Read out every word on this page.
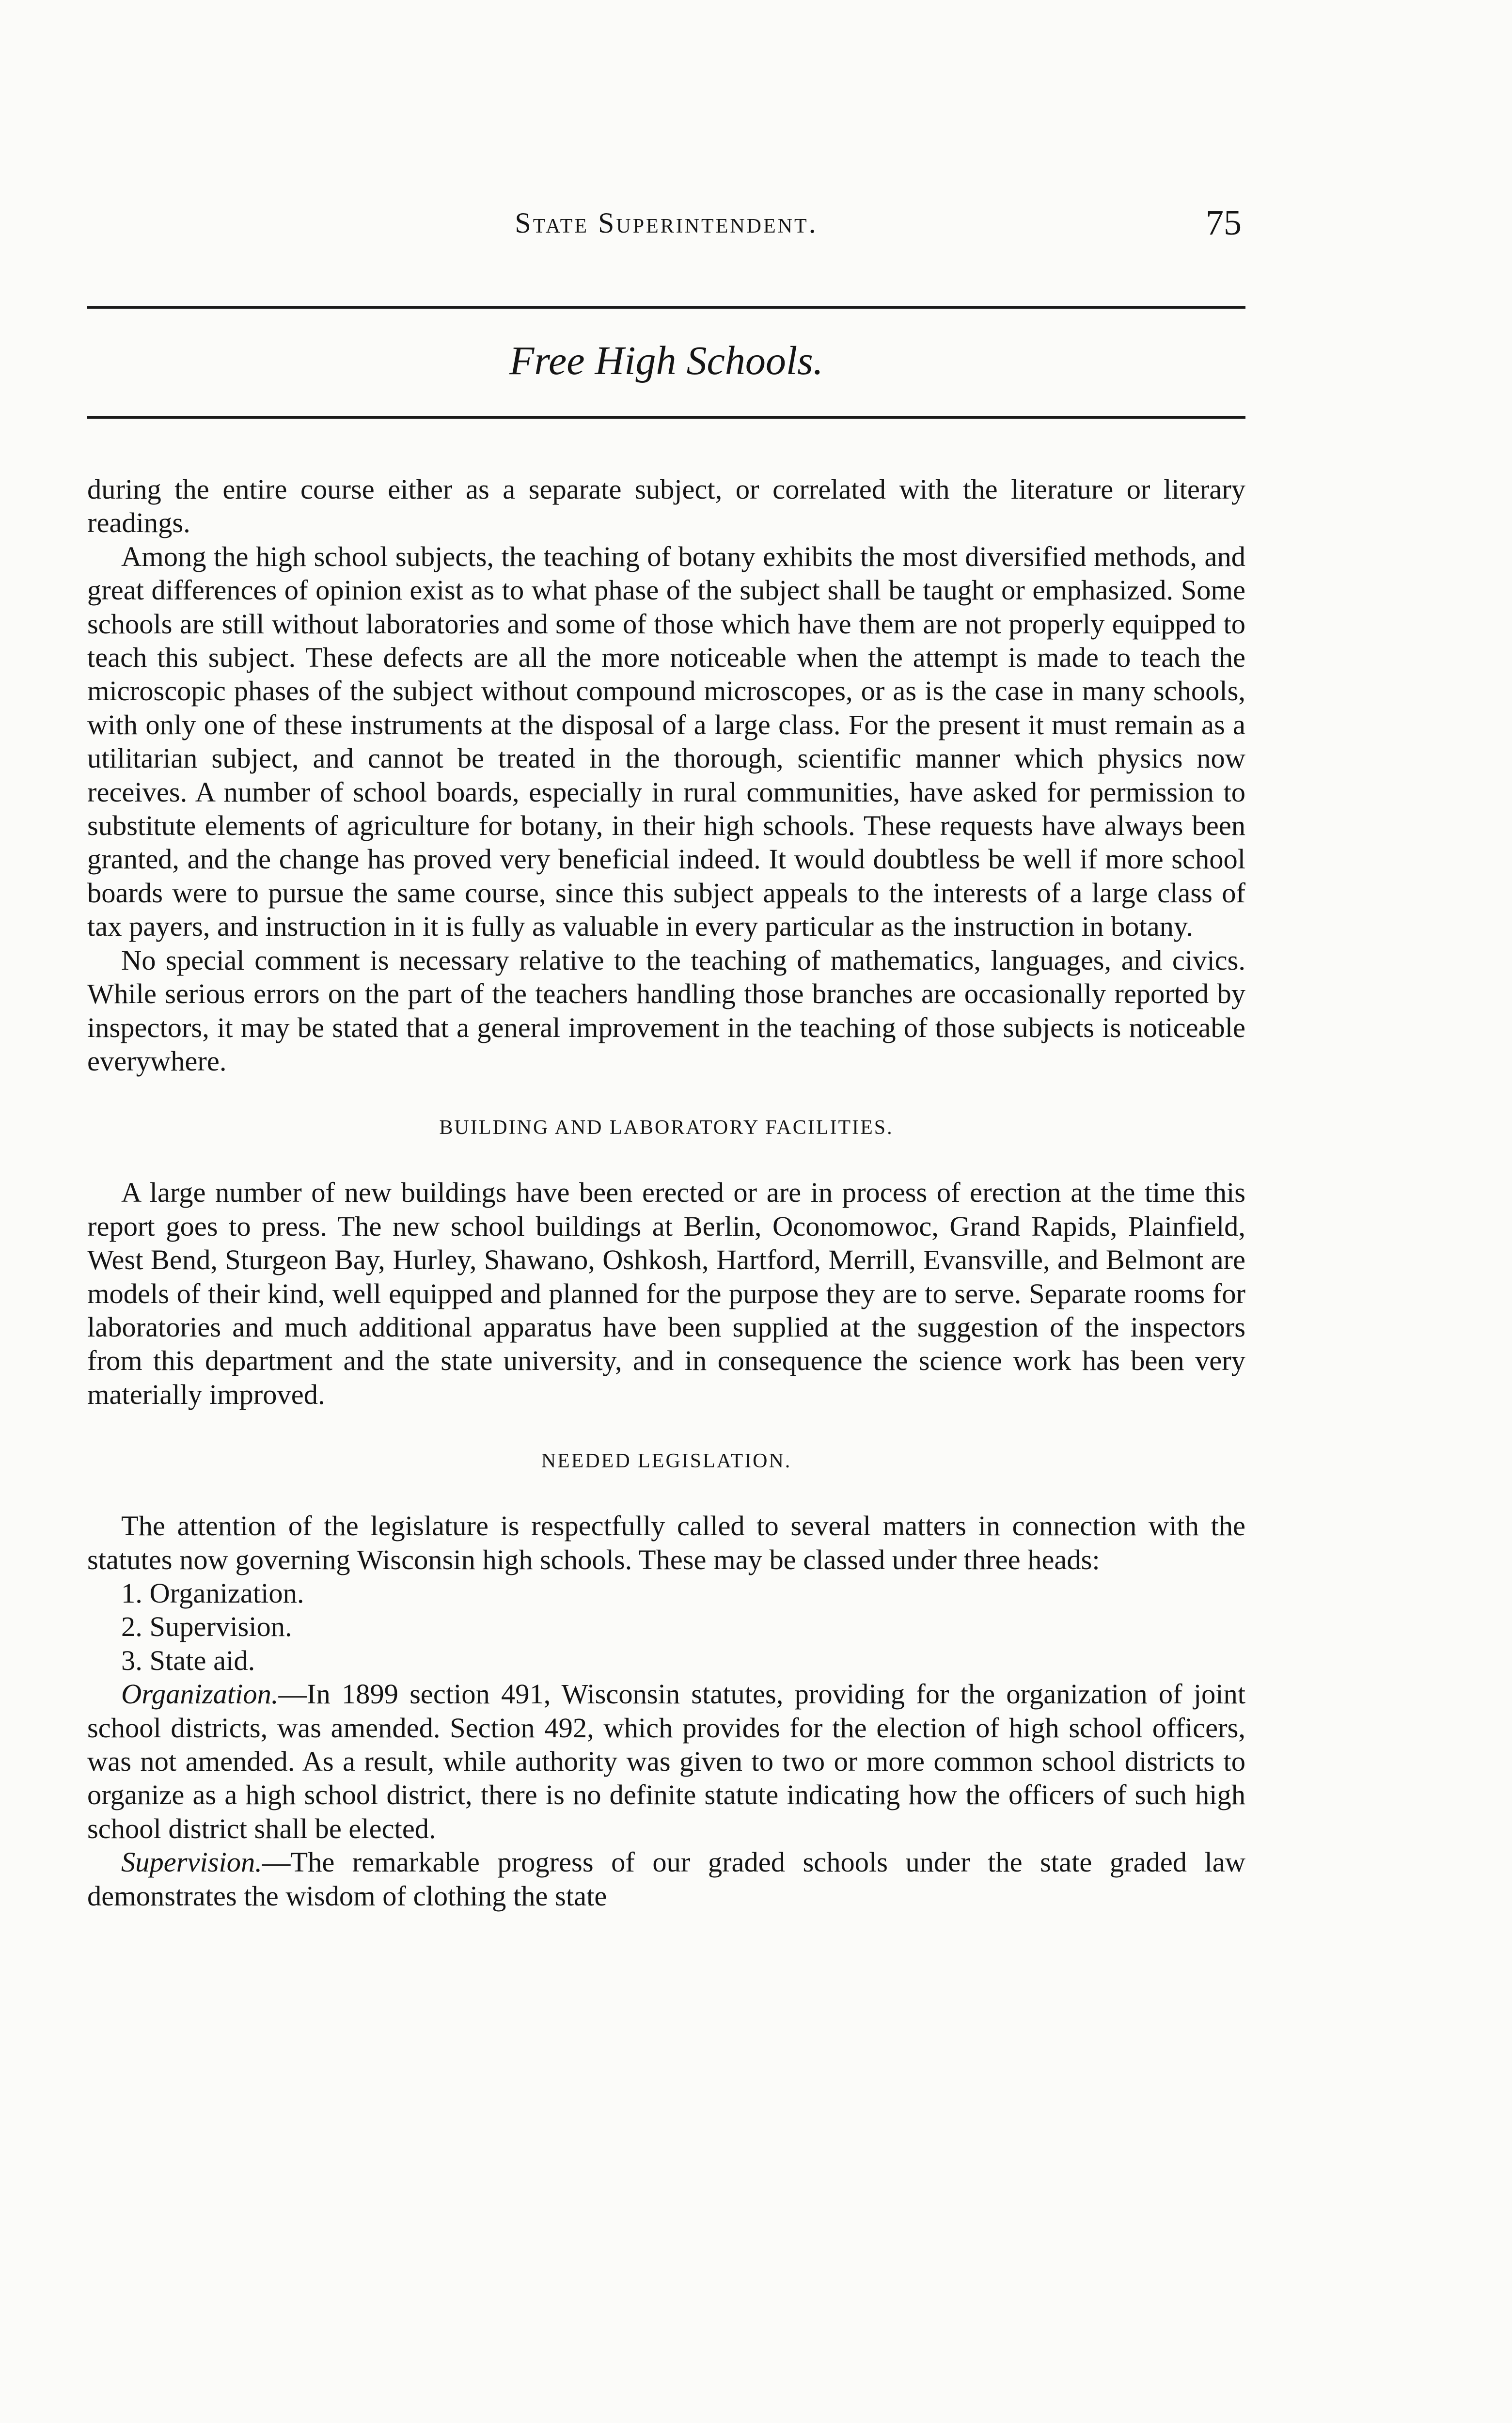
State Superintendent.	75
Free High Schools.

during the entire course either as a separate subject, or correlated with the literature or literary readings.

Among the high school subjects, the teaching of botany exhibits the most diversified methods, and great differences of opinion exist as to what phase of the subject shall be taught or emphasized. Some schools are still without laboratories and some of those which have them are not properly equipped to teach this subject. These defects are all the more noticeable when the attempt is made to teach the microscopic phases of the subject without compound microscopes, or as is the case in many schools, with only one of these instruments at the disposal of a large class. For the present it must remain as a utilitarian subject, and cannot be treated in the thorough, scientific manner which physics now receives. A number of school boards, especially in rural communities, have asked for permission to substitute elements of agriculture for botany, in their high schools. These requests have always been granted, and the change has proved very beneficial indeed. It would doubtless be well if more school boards were to pursue the same course, since this subject appeals to the interests of a large class of tax payers, and instruction in it is fully as valuable in every particular as the instruction in botany.

No special comment is necessary relative to the teaching of mathematics, languages, and civics. While serious errors on the part of the teachers handling those branches are occasionally reported by inspectors, it may be stated that a general improvement in the teaching of those subjects is noticeable everywhere.

BUILDING AND LABORATORY FACILITIES.

A large number of new buildings have been erected or are in process of erection at the time this report goes to press. The new school buildings at Berlin, Oconomowoc, Grand Rapids, Plainfield, West Bend, Sturgeon Bay, Hurley, Shawano, Oshkosh, Hartford, Merrill, Evansville, and Belmont are models of their kind, well equipped and planned for the purpose they are to serve. Separate rooms for laboratories and much additional apparatus have been supplied at the suggestion of the inspectors from this department and the state university, and in consequence the science work has been very materially improved.

NEEDED LEGISLATION.

The attention of the legislature is respectfully called to several matters in connection with the statutes now governing Wisconsin high schools. These may be classed under three heads:

1. Organization.

2. Supervision.

3. State aid.

Organization.—In 1899 section 491, Wisconsin statutes, providing for the organization of joint school districts, was amended. Section 492, which provides for the election of high school officers, was not amended. As a result, while authority was given to two or more common school districts to organize as a high school district, there is no definite statute indicating how the officers of such high school district shall be elected.

Supervision.—The remarkable progress of our graded schools under the state graded law demonstrates the wisdom of clothing the state
